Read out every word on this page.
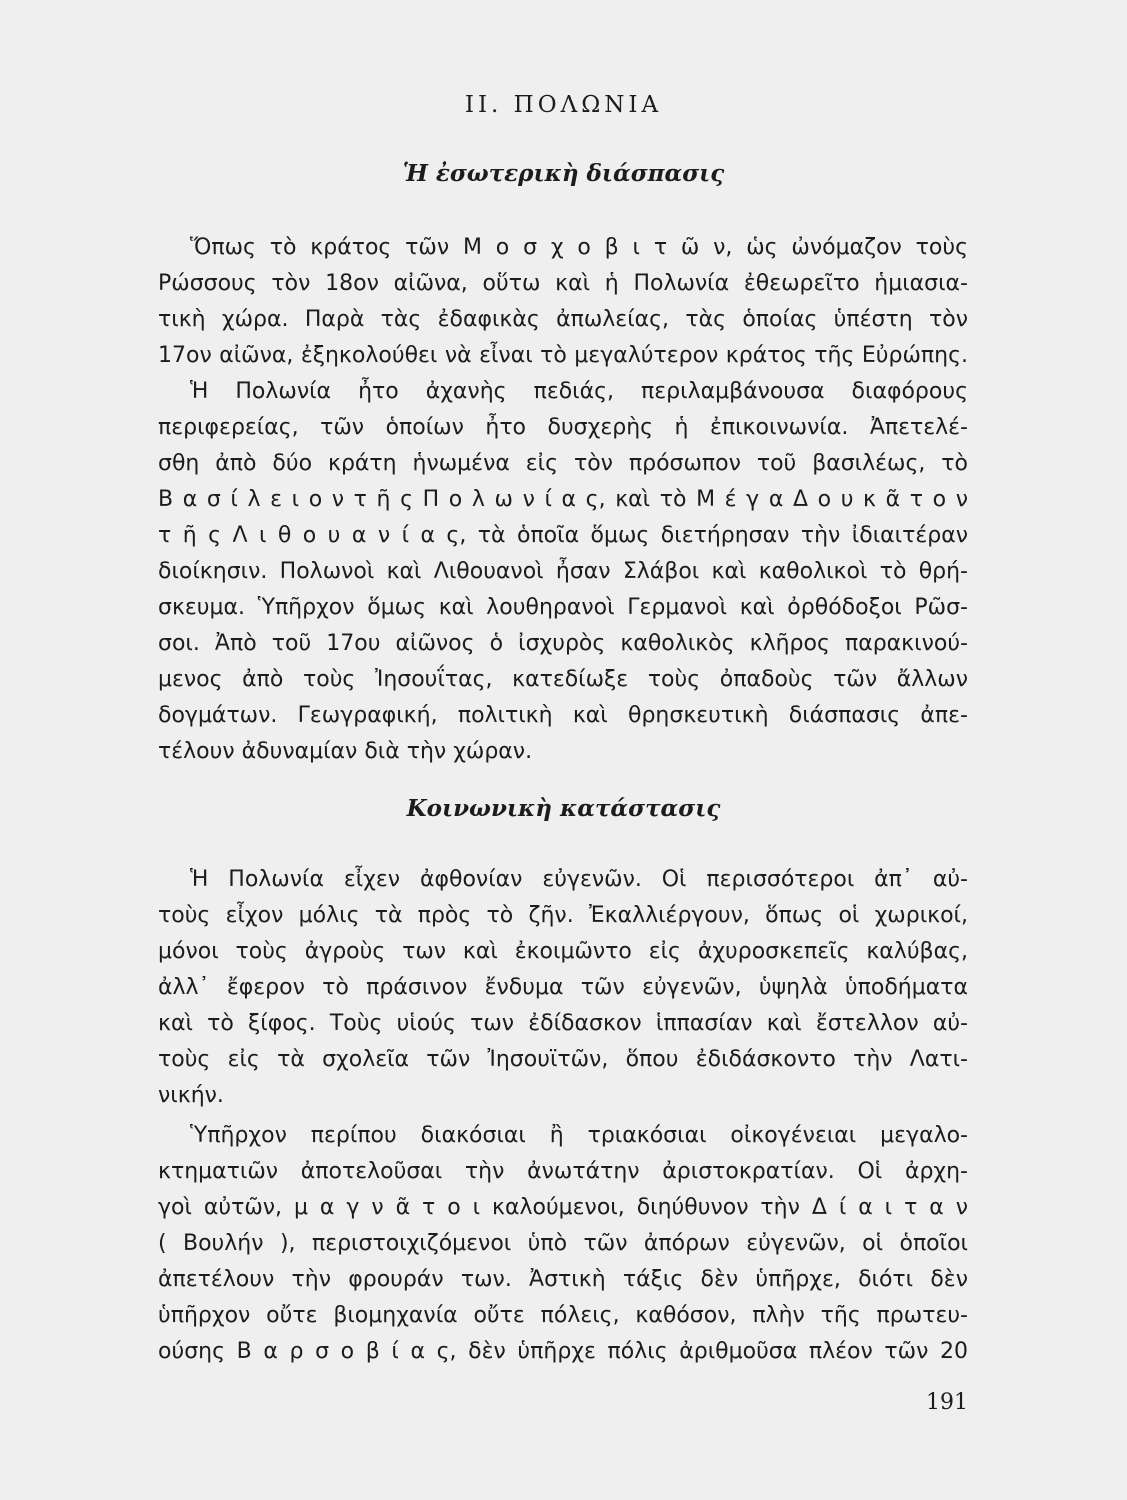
ΙΙ. ΠΟΛΩΝΙΑ
Ἡ ἐσωτερικὴ διάσπασις

Ὅπως τὸ κράτος τῶν Μ ο σ χ ο β ι τ ῶ ν, ὡς ὠνόμαζον τοὺς

Ρώσσους τὸν 18ον αἰῶνα, οὕτω καὶ ἡ Πολωνία ἐθεωρεῖτο ἡμιασια-

τικὴ χώρα. Παρὰ τὰς ἐδαφικὰς ἀπωλείας, τὰς ὁποίας ὑπέστη τὸν

17ον αἰῶνα, ἐξηκολούθει νὰ εἶναι τὸ μεγαλύτερον κράτος τῆς Εὐρώπης.

Ἡ Πολωνία ἦτο ἀχανὴς πεδιάς, περιλαμβάνουσα διαφόρους

περιφερείας, τῶν ὁποίων ἦτο δυσχερὴς ἡ ἐπικοινωνία. Ἀπετελέ-

σθη ἀπὸ δύο κράτη ἡνωμένα εἰς τὸν πρόσωπον τοῦ βασιλέως, τὸ

Β α σ ί λ ε ι ο ν τ ῆ ς Π ο λ ω ν ί α ς, καὶ τὸ Μ έ γ α Δ ο υ κ ᾶ τ ο ν

τ ῆ ς Λ ι θ ο υ α ν ί α ς, τὰ ὁποῖα ὅμως διετήρησαν τὴν ἰδιαιτέραν

διοίκησιν. Πολωνοὶ καὶ Λιθουανοὶ ἦσαν Σλάβοι καὶ καθολικοὶ τὸ θρή-

σκευμα. Ὑπῆρχον ὅμως καὶ λουθηρανοὶ Γερμανοὶ καὶ ὀρθόδοξοι Ρῶσ-

σοι. Ἀπὸ τοῦ 17ου αἰῶνος ὁ ἰσχυρὸς καθολικὸς κλῆρος παρακινού-

μενος ἀπὸ τοὺς Ἰησουΐτας, κατεδίωξε τοὺς ὀπαδοὺς τῶν ἄλλων

δογμάτων. Γεωγραφική, πολιτικὴ καὶ θρησκευτικὴ διάσπασις ἀπε-

τέλουν ἀδυναμίαν διὰ τὴν χώραν.

Κοινωνικὴ κατάστασις

Ἡ Πολωνία εἶχεν ἀφθονίαν εὐγενῶν. Οἱ περισσότεροι ἀπ᾽ αὐ-

τοὺς εἶχον μόλις τὰ πρὸς τὸ ζῆν. Ἐκαλλιέργουν, ὅπως οἱ χωρικοί,

μόνοι τοὺς ἀγροὺς των καὶ ἐκοιμῶντο εἰς ἀχυροσκεπεῖς καλύβας,

ἀλλ᾽ ἔφερον τὸ πράσινον ἔνδυμα τῶν εὐγενῶν, ὑψηλὰ ὑποδήματα

καὶ τὸ ξίφος. Τοὺς υἱούς των ἐδίδασκον ἱππασίαν καὶ ἔστελλον αὐ-

τοὺς εἰς τὰ σχολεῖα τῶν Ἰησουϊτῶν, ὅπου ἐδιδάσκοντο τὴν Λατι-

νικήν.

Ὑπῆρχον περίπου διακόσιαι ἢ τριακόσιαι οἰκογένειαι μεγαλο-

κτηματιῶν ἀποτελοῦσαι τὴν ἀνωτάτην ἀριστοκρατίαν. Οἱ ἀρχη-

γοὶ αὐτῶν, μ α γ ν ᾶ τ ο ι καλούμενοι, διηύθυνον τὴν Δ ί α ι τ α ν

( Βουλήν ), περιστοιχιζόμενοι ὑπὸ τῶν ἀπόρων εὐγενῶν, οἱ ὁποῖοι

ἀπετέλουν τὴν φρουράν των. Ἀστικὴ τάξις δὲν ὑπῆρχε, διότι δὲν

ὑπῆρχον οὔτε βιομηχανία οὔτε πόλεις, καθόσον, πλὴν τῆς πρωτευ-

ούσης Β α ρ σ ο β ί α ς, δὲν ὑπῆρχε πόλις ἀριθμοῦσα πλέον τῶν 20

191
